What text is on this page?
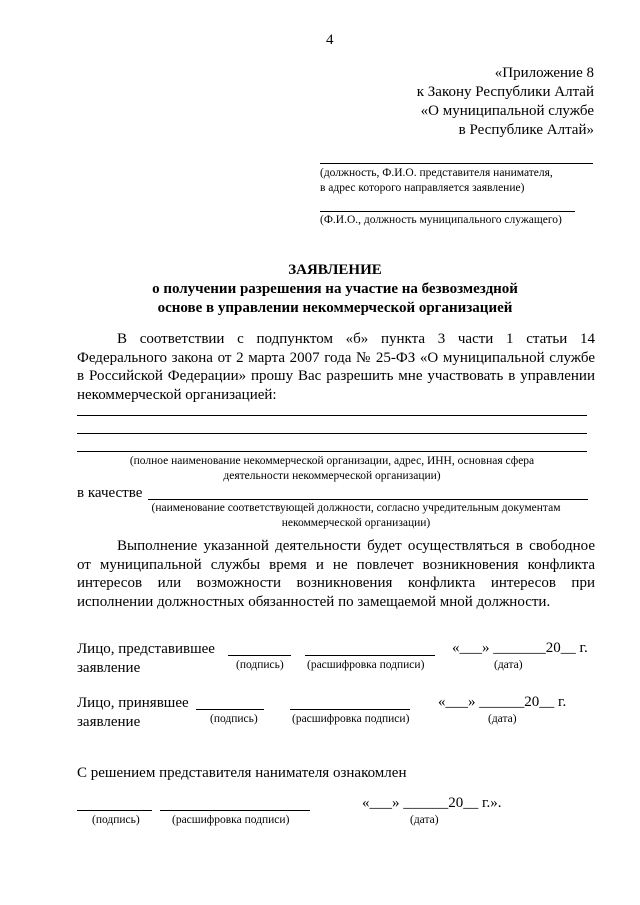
4
«Приложение 8
к Закону Республики Алтай
«О муниципальной службе
в Республике Алтай»
(должность, Ф.И.О. представителя нанимателя,
в адрес которого направляется заявление)
(Ф.И.О., должность муниципального служащего)
ЗАЯВЛЕНИЕ
о получении разрешения на участие на безвозмездной
основе в управлении некоммерческой организацией
В соответствии с подпунктом «б» пункта 3 части 1 статьи 14 Федерального закона от 2 марта 2007 года № 25-ФЗ «О муниципальной службе в Российской Федерации» прошу Вас разрешить мне участвовать в управлении некоммерческой организацией:
(полное наименование некоммерческой организации, адрес, ИНН, основная сфера
деятельности некоммерческой организации)
в качестве
(наименование соответствующей должности, согласно учредительным документам
некоммерческой организации)
Выполнение указанной деятельности будет осуществляться в свободное от муниципальной службы время и не повлечет возникновения конфликта интересов или возможности возникновения конфликта интересов при исполнении должностных обязанностей по замещаемой мной должности.
Лицо, представившее
заявление
«___» _______20__ г.
(подпись) (расшифровка подписи)	(дата)
Лицо, принявшее
заявление
«___» ______20__ г.
(подпись)	(расшифровка подписи)	(дата)
С решением представителя нанимателя ознакомлен
«___» ______20__ г.».
(подпись)	(расшифровка подписи)	(дата)
